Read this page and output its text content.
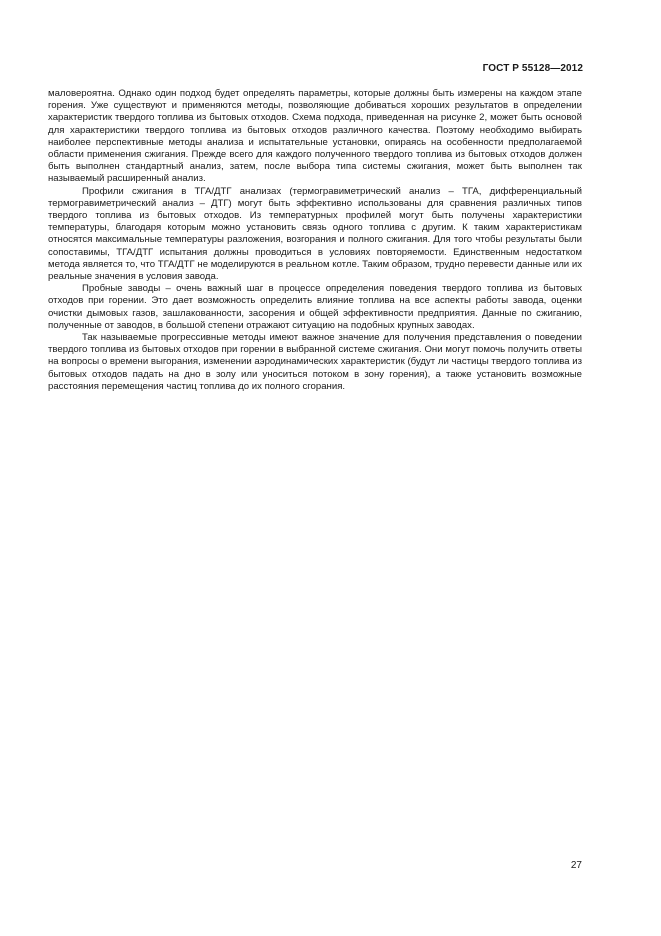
ГОСТ Р 55128—2012

маловероятна. Однако один подход будет определять параметры, которые должны быть измерены на каждом этапе горения. Уже существуют и применяются методы, позволяющие добиваться хороших результатов в определении характеристик твердого топлива из бытовых отходов. Схема подхода, приведенная на рисунке 2, может быть основой для характеристики твердого топлива из бытовых отходов различного качества. Поэтому необходимо выбирать наиболее перспективные методы анализа и испытательные установки, опираясь на особенности предполагаемой области применения сжигания. Прежде всего для каждого полученного твердого топлива из бытовых отходов должен быть выполнен стандартный анализ, затем, после выбора типа системы сжигания, может быть выполнен так называемый расширенный анализ.

Профили сжигания в ТГА/ДТГ анализах (термогравиметрический анализ – ТГА, дифференциальный термогравиметрический анализ – ДТГ) могут быть эффективно использованы для сравнения различных типов твердого топлива из бытовых отходов. Из температурных профилей могут быть получены характеристики температуры, благодаря которым можно установить связь одного топлива с другим. К таким характеристикам относятся максимальные температуры разложения, возгорания и полного сжигания. Для того чтобы результаты были сопоставимы, ТГА/ДТГ испытания должны проводиться в условиях повторяемости. Единственным недостатком метода является то, что ТГА/ДТГ не моделируются в реальном котле. Таким образом, трудно перевести данные или их реальные значения в условия завода.

Пробные заводы – очень важный шаг в процессе определения поведения твердого топлива из бытовых отходов при горении. Это дает возможность определить влияние топлива на все аспекты работы завода, оценки очистки дымовых газов, зашлакованности, засорения и общей эффективности предприятия. Данные по сжиганию, полученные от заводов, в большой степени отражают ситуацию на подобных крупных заводах.

Так называемые прогрессивные методы имеют важное значение для получения представления о поведении твердого топлива из бытовых отходов при горении в выбранной системе сжигания. Они могут помочь получить ответы на вопросы о времени выгорания, изменении аэродинамических характеристик (будут ли частицы твердого топлива из бытовых отходов падать на дно в золу или уноситься потоком в зону горения), а также установить возможные расстояния перемещения частиц топлива до их полного сгорания.

27
